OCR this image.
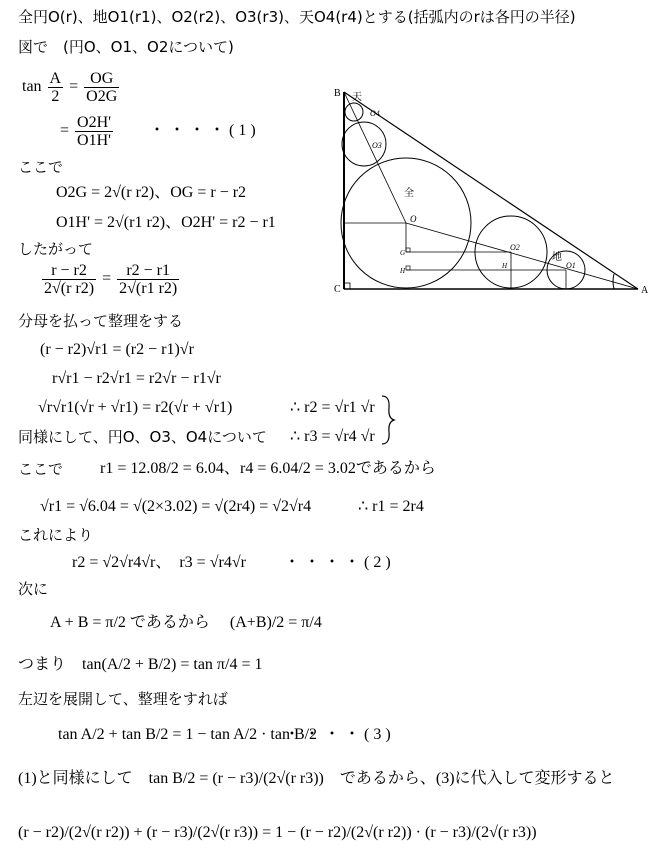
全円O(r)、地O1(r1)、O2(r2)、O3(r3)、天O4(r4)とする(括弧内のrは各円の半径)
図で　(円O、O1、O2について)
$\tan \frac{A}{2} = \frac{OG}{O2G}$
= $\frac{O2H'}{O1H'}$ ・・・・(1)
ここで
O2G = 2√(r r2)、OG = r − r2
O1H' = 2√(r1 r2)、O2H' = r2 − r1
したがって
$\frac{r - r2}{\text{2√(r r2)}} = \frac{r2 - r1}{2√(r1 r2)}$
分母を払って整理をする
(r − r2)√r1 = (r2 − r1)√r
r√r1 − r2√r1 = r2√r − r1√r
√r√r1(√r + √r1) = r2(√r + √r1)	∴ r2 = √r1 √r
同様にして、円O、O3、O4について ∴ r3 = √r4 √r
ここで r1 = 12.08/2 = 6.04、 r4 = 6.04/2 = 3.02であるから
√r1 = √6.04 = √(2×3.02) = √(2r4) = √2√r4	∴ r1 = 2r4
これにより
r2 = √2√r4√r、　r3 = √r4√r ・・・・(2)
次に
A + B = π/2 であるから　 (A+B)/2 = π/4
つまり　tan(A/2 + B/2) = tan π/4 = 1
左辺を展開して、整理をすれば
tan A/2 + tan B/2 = 1 − tan A/2 · tan B/2
・・・・(3)
(1)と同様にして　tan B/2 = (r − r3)/(2√(r r3))　であるから、(3)に代入して変形すると
(r − r2)/(2√(r r2)) + (r − r3)/(2√(r r3)) = 1 − (r − r2)/(2√(r r2)) · (r − r3)/(2√(r r3))
B
C	A
天
O4
O3
全
O
G
H
H
O2
地
O1
